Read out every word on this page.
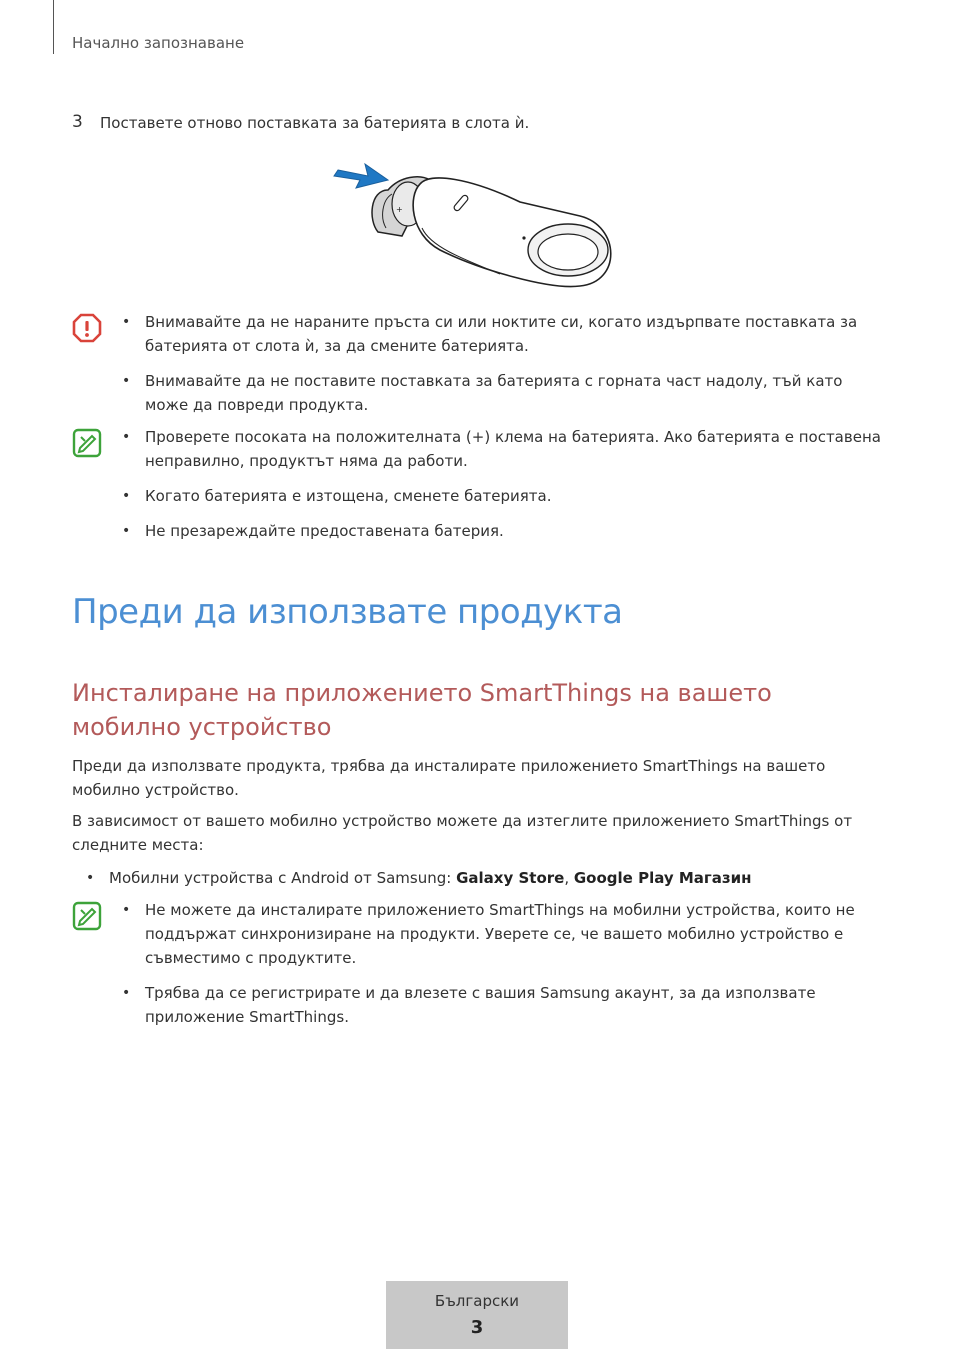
Начално запознаване
3 Поставете отново поставката за батерията в слота ѝ.
+
• Внимавайте да не нараните пръста си или ноктите си, когато издърпвате поставката за батерията от слота ѝ, за да смените батерията.
• Внимавайте да не поставите поставката за батерията с горната част надолу, тъй като може да повреди продукта.
• Проверете посоката на положителната (+) клема на батерията. Ако батерията е поставена неправилно, продуктът няма да работи.
• Когато батерията е изтощена, сменете батерията.
• Не презареждайте предоставената батерия.
Преди да използвате продукта
Инсталиране на приложението SmartThings на вашето мобилно устройство
Преди да използвате продукта, трябва да инсталирате приложението SmartThings на вашето мобилно устройство.
В зависимост от вашето мобилно устройство можете да изтеглите приложението SmartThings от следните места:
• Мобилни устройства с Android от Samsung: Galaxy Store, Google Play Магазин
• Не можете да инсталирате приложението SmartThings на мобилни устройства, които не поддържат синхронизиране на продукти. Уверете се, че вашето мобилно устройство е съвместимо с продуктите.
• Трябва да се регистрирате и да влезете с вашия Samsung акаунт, за да използвате приложение SmartThings.
Български
3
